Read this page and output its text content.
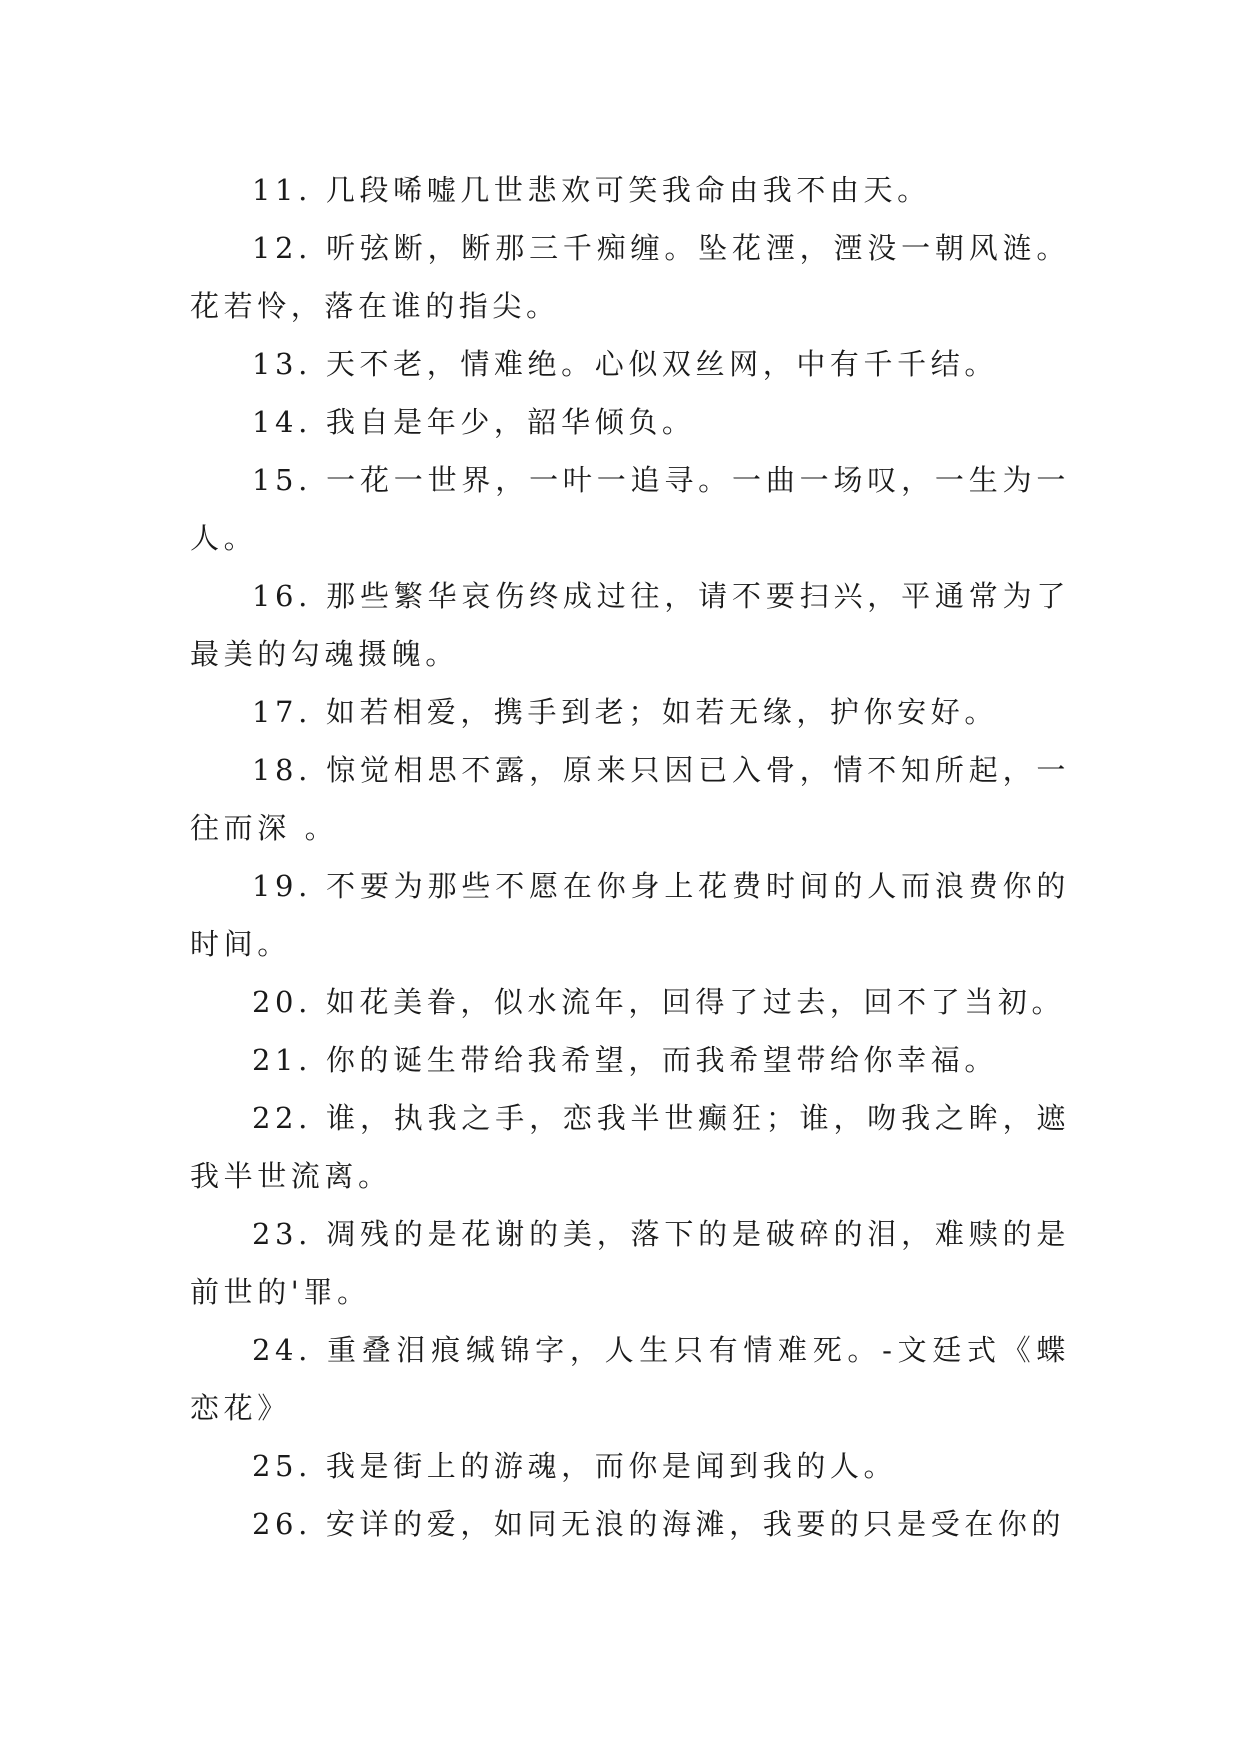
11. 几段唏嘘几世悲欢可笑我命由我不由天。

12. 听弦断，断那三千痴缠。坠花湮，湮没一朝风涟。花若怜，落在谁的指尖。

13. 天不老，情难绝。心似双丝网，中有千千结。

14. 我自是年少，韶华倾负。

15. 一花一世界，一叶一追寻。一曲一场叹，一生为一人。

16. 那些繁华哀伤终成过往，请不要扫兴，平通常为了最美的勾魂摄魄。

17. 如若相爱，携手到老；如若无缘，护你安好。

18. 惊觉相思不露，原来只因已入骨，情不知所起，一往而深 。

19. 不要为那些不愿在你身上花费时间的人而浪费你的时间。

20. 如花美眷，似水流年，回得了过去，回不了当初。

21. 你的诞生带给我希望，而我希望带给你幸福。

22. 谁，执我之手，恋我半世癫狂；谁，吻我之眸，遮我半世流离。

23. 凋残的是花谢的美，落下的是破碎的泪，难赎的是前世的'罪。

24. 重叠泪痕缄锦字，人生只有情难死。-文廷式《蝶恋花》

25. 我是街上的游魂，而你是闻到我的人。

26. 安详的爱，如同无浪的海滩，我要的只是受在你的
